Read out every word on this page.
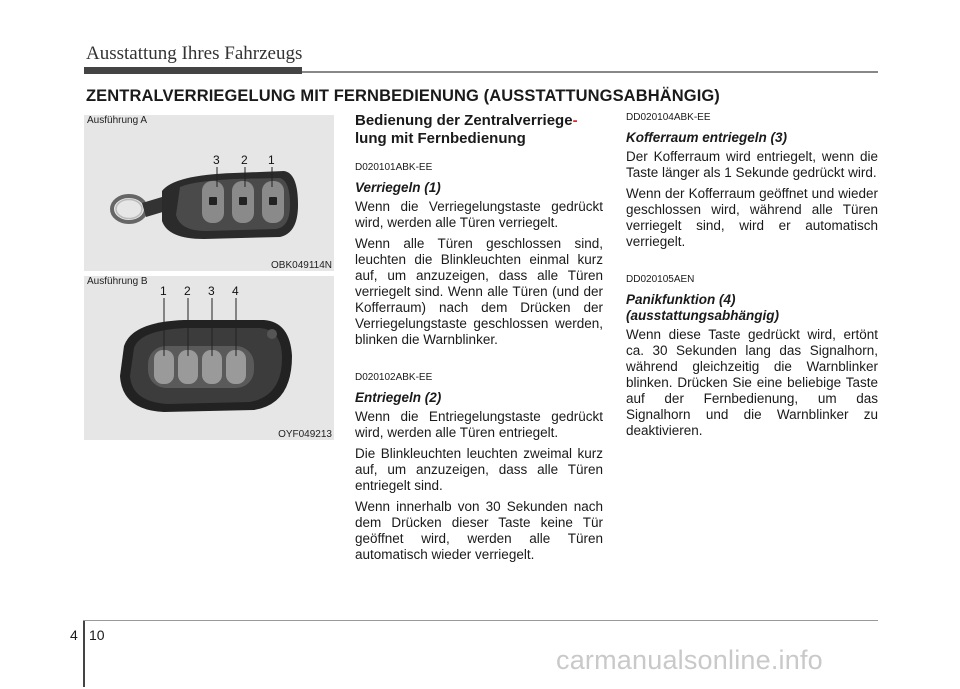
Ausstattung Ihres Fahrzeugs
ZENTRALVERRIEGELUNG MIT FERNBEDIENUNG (AUSSTATTUNGSABHÄNGIG)
Ausführung A
3 2 1
OBK049114N
Ausführung B
1 2 3 4
OYF049213
Bedienung der Zentralverriege-
lung mit Fernbedienung
D020101ABK-EE
Verriegeln (1)
Wenn die Verriegelungstaste gedrückt wird, werden alle Türen verriegelt.
Wenn alle Türen geschlossen sind, leuchten die Blinkleuchten einmal kurz auf, um anzuzeigen, dass alle Türen verriegelt sind. Wenn alle Türen (und der Kofferraum) nach dem Drücken der Verriegelungstaste geschlossen werden, blinken die Warnblinker.
D020102ABK-EE
Entriegeln (2)
Wenn die Entriegelungstaste gedrückt wird, werden alle Türen entriegelt.
Die Blinkleuchten leuchten zweimal kurz auf, um anzuzeigen, dass alle Türen entriegelt sind.
Wenn innerhalb von 30 Sekunden nach dem Drücken dieser Taste keine Tür geöffnet wird, werden alle Türen automatisch wieder verriegelt.
DD020104ABK-EE
Kofferraum entriegeln (3)
Der Kofferraum wird entriegelt, wenn die Taste länger als 1 Sekunde gedrückt wird.
Wenn der Kofferraum geöffnet und wieder geschlossen wird, während alle Türen verriegelt sind, wird er automatisch verriegelt.
DD020105AEN
Panikfunktion (4)
(ausstattungsabhängig)
Wenn diese Taste gedrückt wird, ertönt ca. 30 Sekunden lang das Signalhorn, während gleichzeitig die Warnblinker blinken. Drücken Sie eine beliebige Taste auf der Fernbedienung, um das Signalhorn und die Warnblinker zu deaktivieren.
4 10
carmanualsonline.info
